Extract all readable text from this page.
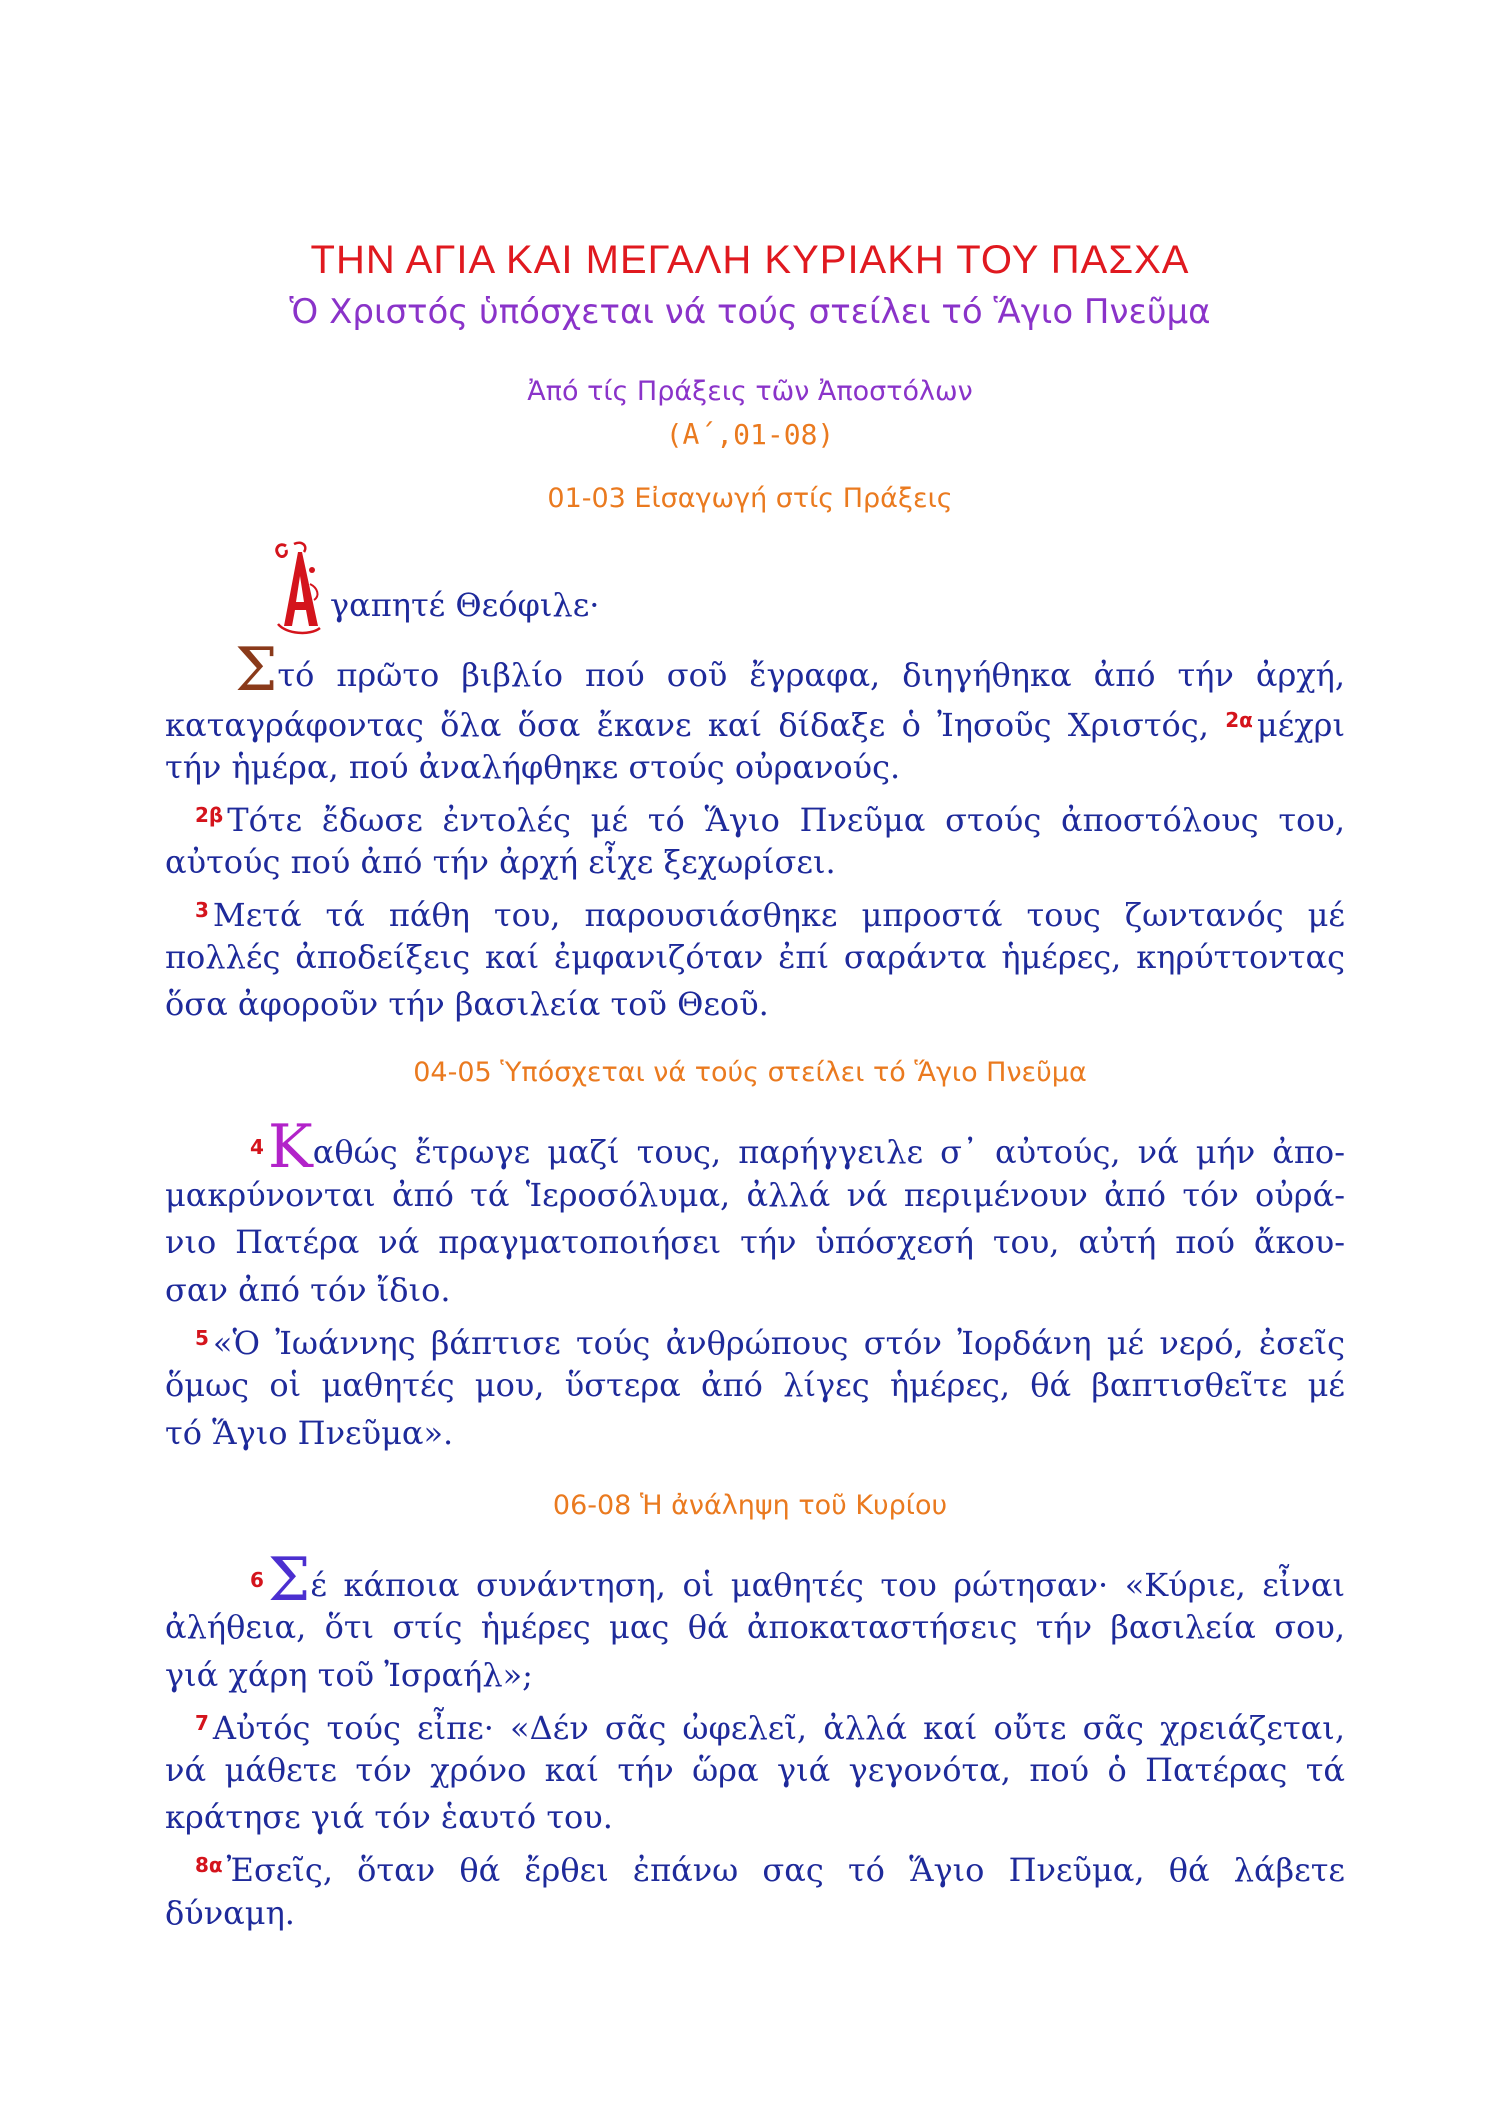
ΤΗΝ ΑΓΙΑ ΚΑΙ ΜΕΓΑΛΗ ΚΥΡΙΑΚΗ ΤΟΥ ΠΑΣΧΑ
Ὁ Χριστός ὑπόσχεται νά τούς στείλει τό Ἅγιο Πνεῦμα
Ἀπό τίς Πράξεις τῶν Ἀποστόλων
(Α΄,01-08)
01-03 Εἰσαγωγή στίς Πράξεις
γαπητέ Θεόφιλε·
Στό πρῶτο βιβλίο πού σοῦ ἔγραφα, διηγήθηκα ἀπό τήν ἀρχή,
καταγράφοντας ὅλα ὅσα ἔκανε καί δίδαξε ὁ Ἰησοῦς Χριστός, $^{2\alpha}$ μέχρι
τήν ἡμέρα, πού ἀναλήφθηκε στούς οὐρανούς.
$^{2\beta}$ Τότε ἔδωσε ἐντολές μέ τό Ἅγιο Πνεῦμα στούς ἀποστόλους του,
αὐτούς πού ἀπό τήν ἀρχή εἶχε ξεχωρίσει.
$^3$ Μετά τά πάθη του, παρουσιάσθηκε μπροστά τους ζωντανός μέ
πολλές ἀποδείξεις καί ἐμφανιζόταν ἐπί σαράντα ἡμέρες, κηρύττοντας
ὅσα ἀφοροῦν τήν βασιλεία τοῦ Θεοῦ.
04-05 Ὑπόσχεται νά τούς στείλει τό Ἅγιο Πνεῦμα
$^4$Καθώς ἔτρωγε μαζί τους, παρήγγειλε σ᾽ αὐτούς, νά μήν ἀπο-
μακρύνονται ἀπό τά Ἱεροσόλυμα, ἀλλά νά περιμένουν ἀπό τόν οὐρά-
νιο Πατέρα νά πραγματοποιήσει τήν ὑπόσχεσή του, αὐτή πού ἄκου-
σαν ἀπό τόν ἴδιο.
$^5$ «Ὁ Ἰωάννης βάπτισε τούς ἀνθρώπους στόν Ἰορδάνη μέ νερό, ἐσεῖς
ὅμως οἱ μαθητές μου, ὕστερα ἀπό λίγες ἡμέρες, θά βαπτισθεῖτε μέ
τό Ἅγιο Πνεῦμα».
06-08 Ἡ ἀνάληψη τοῦ Κυρίου
$^6$Σέ κάποια συνάντηση, οἱ μαθητές του ρώτησαν· «Κύριε, εἶναι
ἀλήθεια, ὅτι στίς ἡμέρες μας θά ἀποκαταστήσεις τήν βασιλεία σου,
γιά χάρη τοῦ Ἰσραήλ»;
$^7$ Αὐτός τούς εἶπε· «Δέν σᾶς ὠφελεῖ, ἀλλά καί οὔτε σᾶς χρειάζεται,
νά μάθετε τόν χρόνο καί τήν ὥρα γιά γεγονότα, πού ὁ Πατέρας τά
κράτησε γιά τόν ἑαυτό του.
$^{8\alpha}$ Ἐσεῖς, ὅταν θά ἔρθει ἐπάνω σας τό Ἅγιο Πνεῦμα, θά λάβετε
δύναμη.
